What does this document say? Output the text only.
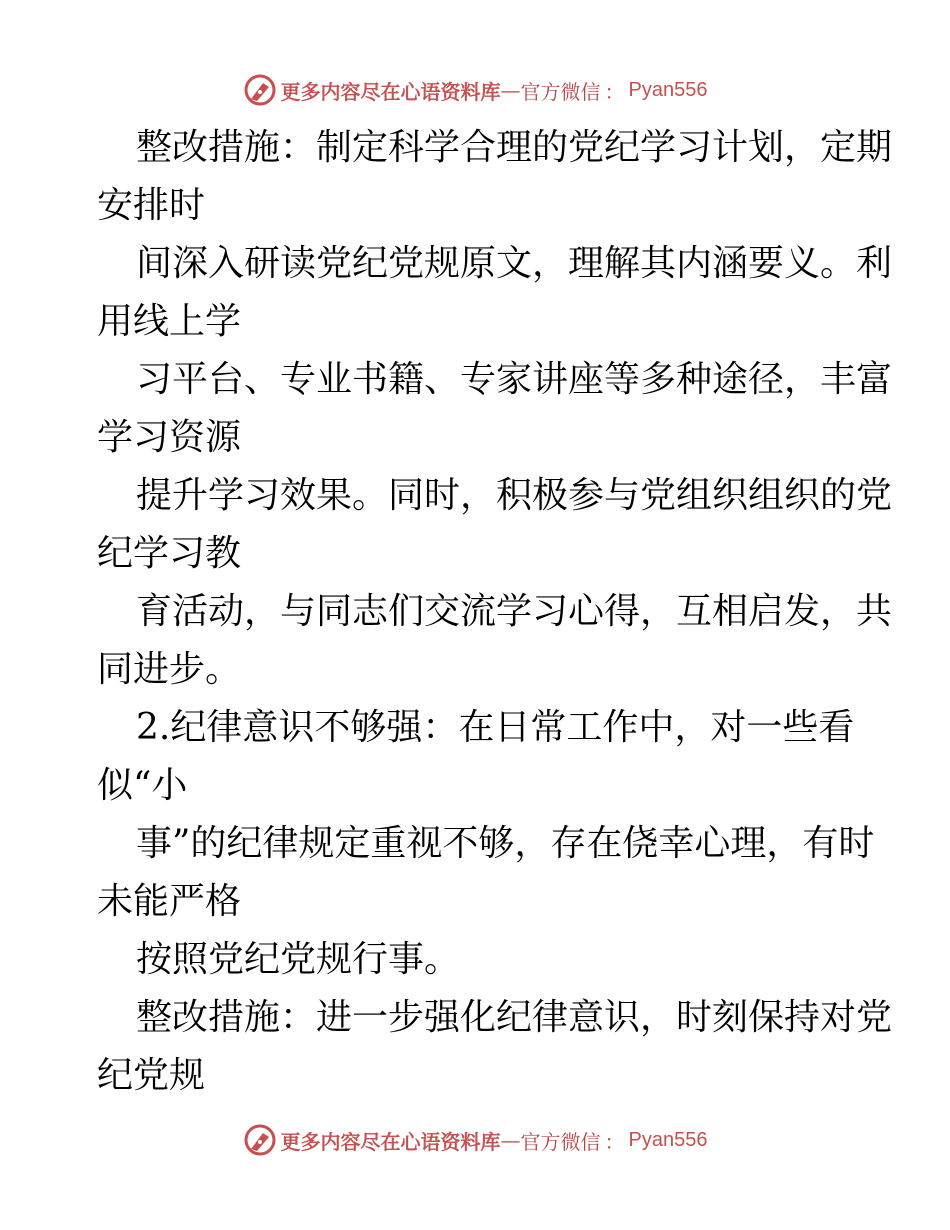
更多内容尽在心语资料库 — 官方微信 ： Pyan556
整改措施：制定科学合理的党纪学习计划，定期
安排时
间深入研读党纪党规原文，理解其内涵要义。利
用线上学
习平台、专业书籍、专家讲座等多种途径，丰富
学习资源
提升学习效果。同时，积极参与党组织组织的党
纪学习教
育活动，与同志们交流学习心得，互相启发，共
同进步。
2.纪律意识不够强：在日常工作中，对一些看
似“小
事”的纪律规定重视不够，存在侥幸心理，有时
未能严格
按照党纪党规行事。
整改措施：进一步强化纪律意识，时刻保持对党
纪党规
更多内容尽在心语资料库 — 官方微信 ： Pyan556
